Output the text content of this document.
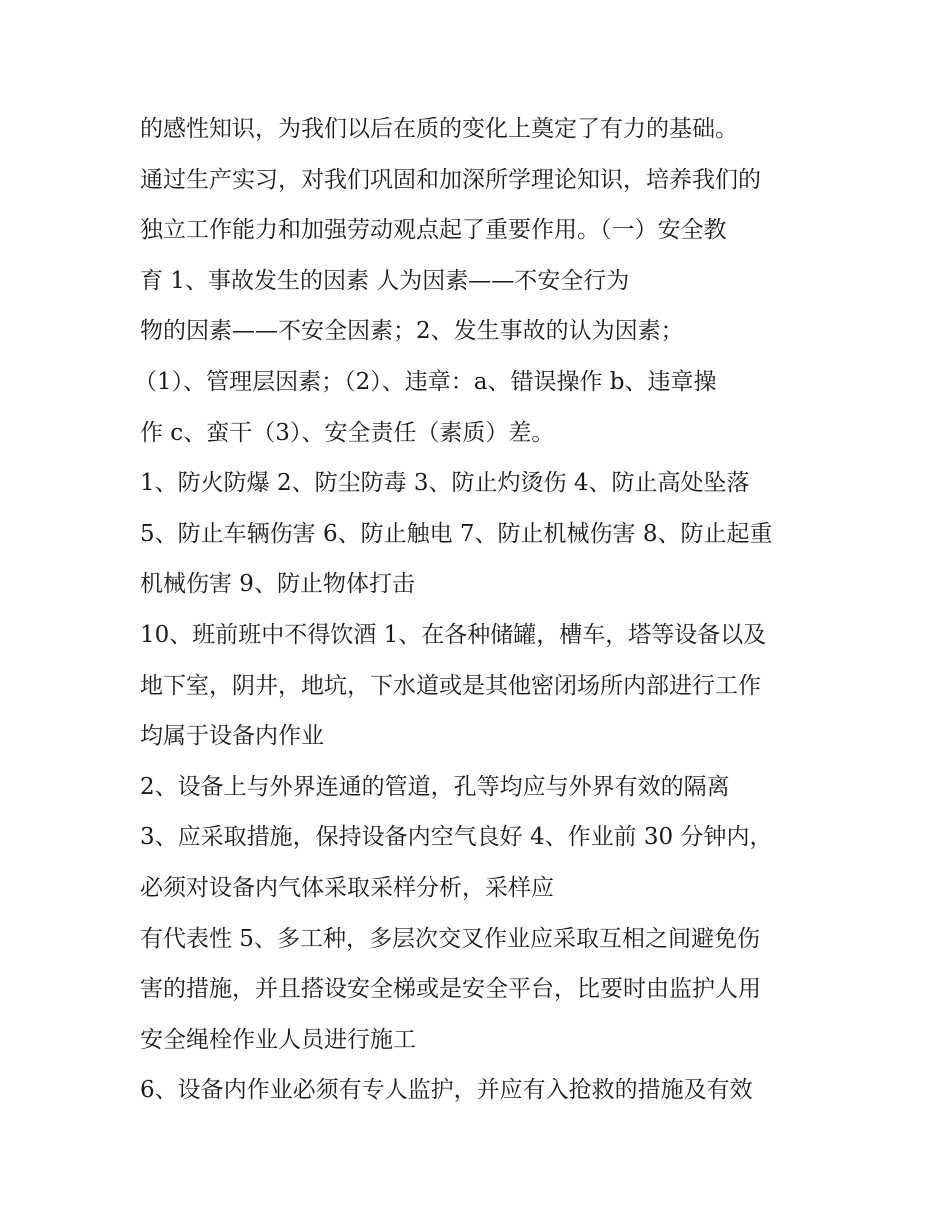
的感性知识，为我们以后在质的变化上奠定了有力的基础。

通过生产实习，对我们巩固和加深所学理论知识，培养我们的

独立工作能力和加强劳动观点起了重要作用。（一）安全教

育 1、事故发生的因素 人为因素——不安全行为

物的因素——不安全因素；2、发生事故的认为因素；

（1）、管理层因素；（2）、违章：a、错误操作 b、违章操

作 c、蛮干（3）、安全责任（素质）差。

1、防火防爆 2、防尘防毒 3、防止灼烫伤 4、防止高处坠落

5、防止车辆伤害 6、防止触电 7、防止机械伤害 8、防止起重

机械伤害 9、防止物体打击

10、班前班中不得饮酒 1、在各种储罐，槽车，塔等设备以及

地下室，阴井，地坑，下水道或是其他密闭场所内部进行工作

均属于设备内作业

2、设备上与外界连通的管道，孔等均应与外界有效的隔离

3、应采取措施，保持设备内空气良好 4、作业前 30 分钟内，

必须对设备内气体采取采样分析，采样应

有代表性 5、多工种，多层次交叉作业应采取互相之间避免伤

害的措施，并且搭设安全梯或是安全平台，比要时由监护人用

安全绳栓作业人员进行施工

6、设备内作业必须有专人监护，并应有入抢救的措施及有效
